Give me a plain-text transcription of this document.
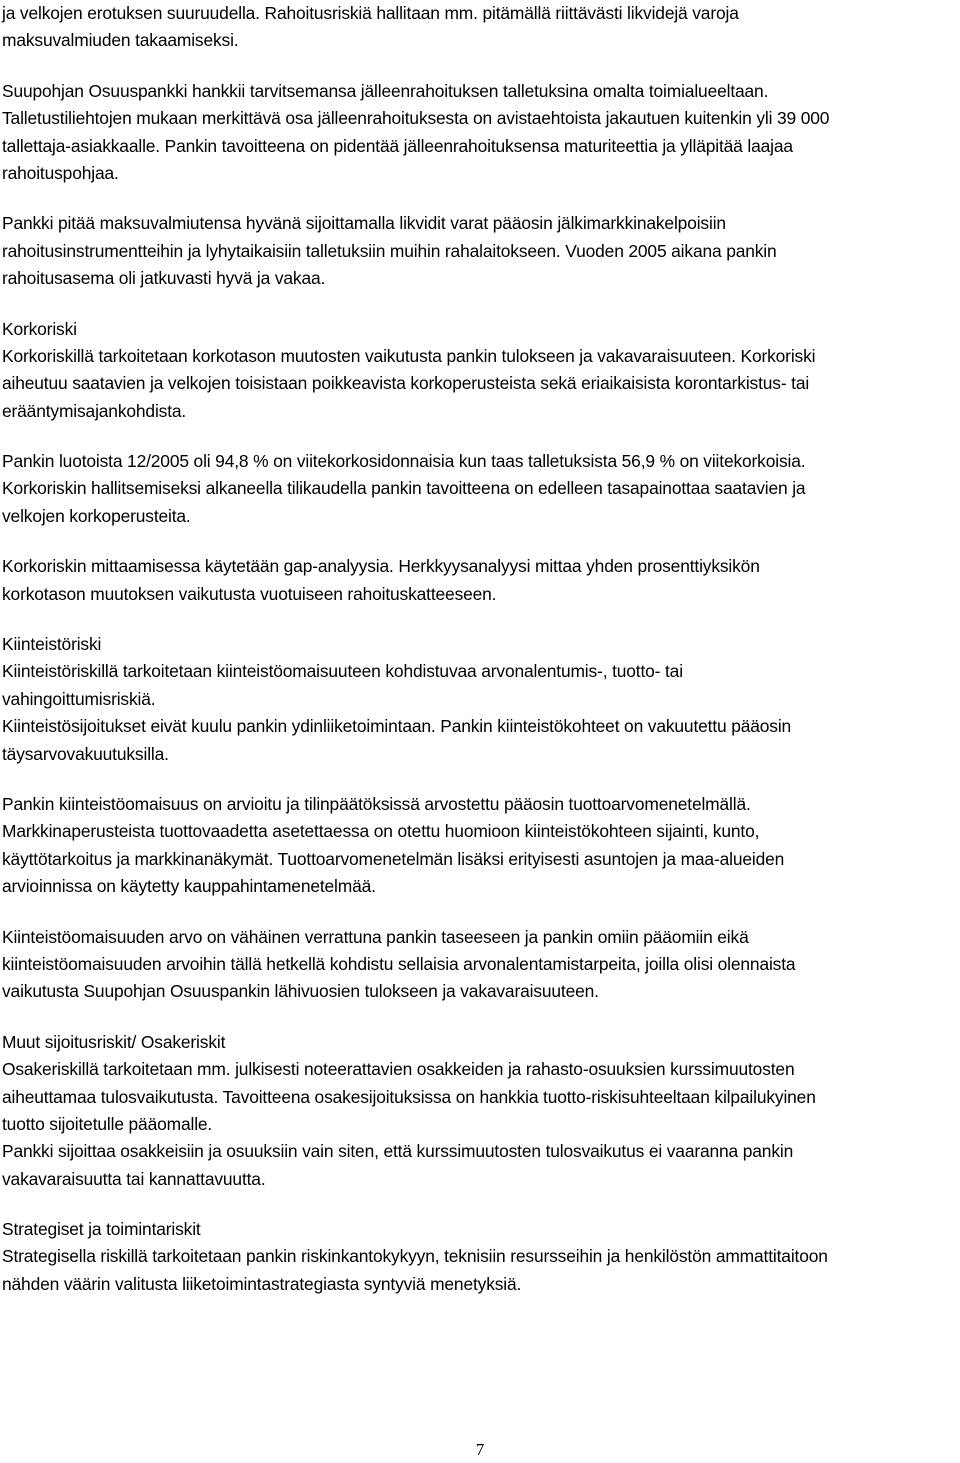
ja velkojen erotuksen suuruudella. Rahoitusriskiä hallitaan mm. pitämällä riittävästi likvidejä varoja
maksuvalmiuden takaamiseksi.
Suupohjan Osuuspankki hankkii tarvitsemansa jälleenrahoituksen talletuksina omalta toimialueeltaan.
Talletustiliehtojen mukaan merkittävä osa jälleenrahoituksesta on avistaehtoista jakautuen kuitenkin yli 39 000
tallettaja-asiakkaalle. Pankin tavoitteena on pidentää jälleenrahoituksensa maturiteettia ja ylläpitää laajaa
rahoituspohjaa.
Pankki pitää maksuvalmiutensa hyvänä sijoittamalla likvidit varat pääosin jälkimarkkinakelpoisiin
rahoitusinstrumentteihin ja lyhytaikaisiin talletuksiin muihin rahalaitokseen. Vuoden 2005 aikana pankin
rahoitusasema oli jatkuvasti hyvä ja vakaa.
Korkoriski
Korkoriskillä tarkoitetaan korkotason muutosten vaikutusta pankin tulokseen ja vakavaraisuuteen. Korkoriski
aiheutuu saatavien ja velkojen toisistaan poikkeavista korkoperusteista sekä eriaikaisista korontarkistus- tai
erääntymisajankohdista.
Pankin luotoista 12/2005 oli 94,8 % on viitekorkosidonnaisia kun taas talletuksista 56,9 % on viitekorkoisia.
Korkoriskin hallitsemiseksi alkaneella tilikaudella pankin tavoitteena on edelleen tasapainottaa saatavien ja
velkojen korkoperusteita.
Korkoriskin mittaamisessa käytetään gap-analyysia. Herkkyysanalyysi mittaa yhden prosenttiyksikön
korkotason muutoksen vaikutusta vuotuiseen rahoituskatteeseen.
Kiinteistöriski
Kiinteistöriskillä tarkoitetaan kiinteistöomaisuuteen kohdistuvaa arvonalentumis-, tuotto- tai
vahingoittumisriskiä.
Kiinteistösijoitukset eivät kuulu pankin ydinliiketoimintaan. Pankin kiinteistökohteet on vakuutettu pääosin
täysarvovakuutuksilla.
Pankin kiinteistöomaisuus on arvioitu ja tilinpäätöksissä arvostettu pääosin tuottoarvomenetelmällä.
Markkinaperusteista tuottovaadetta asetettaessa on otettu huomioon kiinteistökohteen sijainti, kunto,
käyttötarkoitus ja markkinanäkymät. Tuottoarvomenetelmän lisäksi erityisesti asuntojen ja maa-alueiden
arvioinnissa on käytetty kauppahintamenetelmää.
Kiinteistöomaisuuden arvo on vähäinen verrattuna pankin taseeseen ja pankin omiin pääomiin eikä
kiinteistöomaisuuden arvoihin tällä hetkellä kohdistu sellaisia arvonalentamistarpeita, joilla olisi olennaista
vaikutusta Suupohjan Osuuspankin lähivuosien tulokseen ja vakavaraisuuteen.
Muut sijoitusriskit/ Osakeriskit
Osakeriskillä tarkoitetaan mm. julkisesti noteerattavien osakkeiden ja rahasto-osuuksien kurssimuutosten
aiheuttamaa tulosvaikutusta. Tavoitteena osakesijoituksissa on hankkia tuotto-riskisuhteeltaan kilpailukyinen
tuotto sijoitetulle pääomalle.
Pankki sijoittaa osakkeisiin ja osuuksiin vain siten, että kurssimuutosten tulosvaikutus ei vaaranna pankin
vakavaraisuutta tai kannattavuutta.
Strategiset ja toimintariskit
Strategisella riskillä tarkoitetaan pankin riskinkantokykyyn, teknisiin resursseihin ja henkilöstön ammattitaitoon
nähden väärin valitusta liiketoimintastrategiasta syntyviä menetyksiä.
7
